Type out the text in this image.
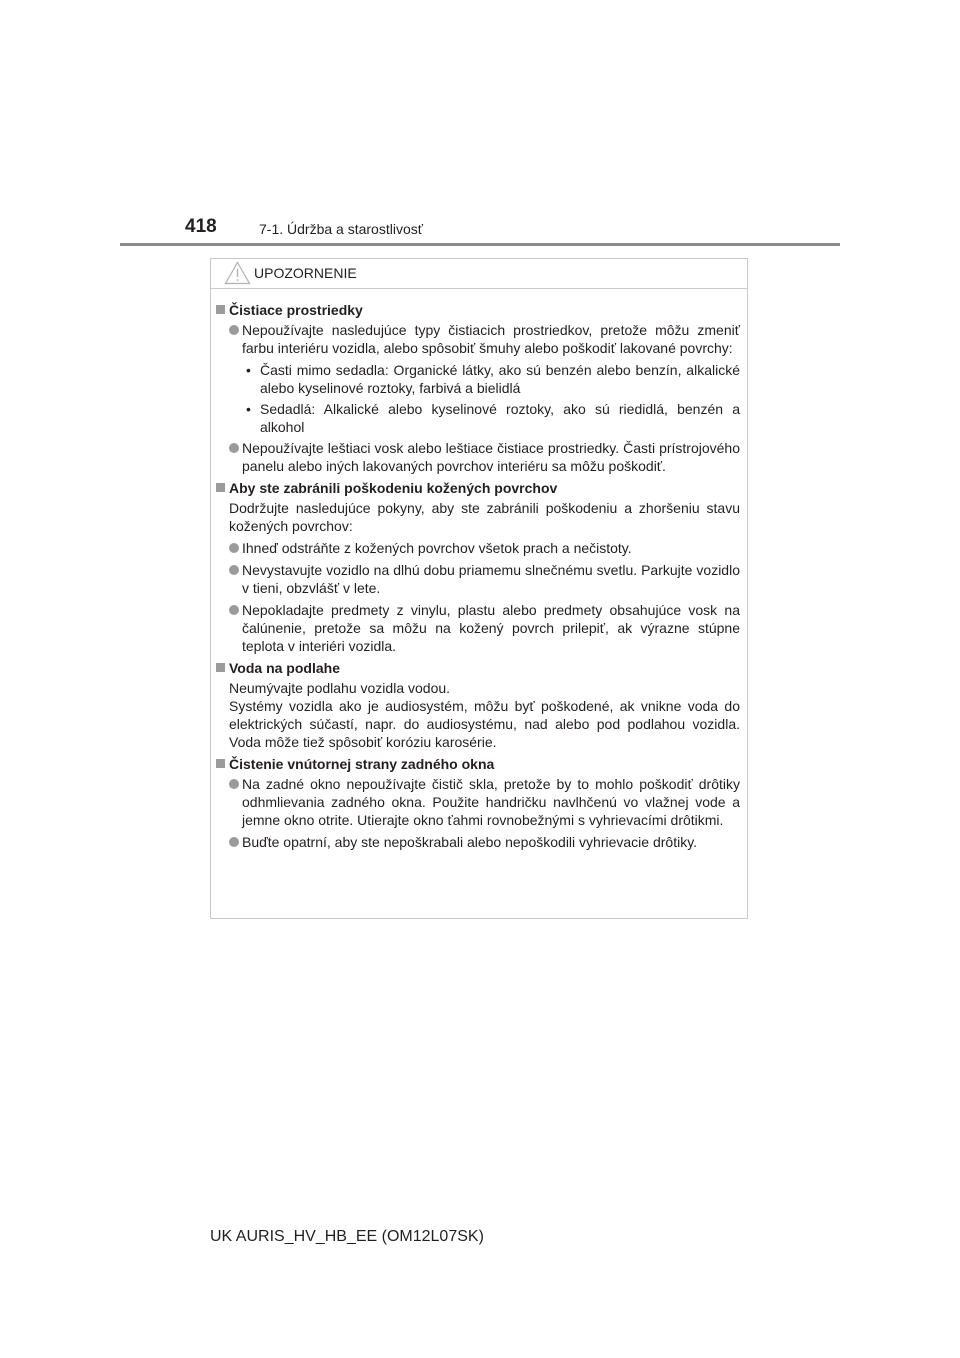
418	7-1. Údržba a starostlivosť
UPOZORNENIE
Čistiace prostriedky
Nepoužívajte nasledujúce typy čistiacich prostriedkov, pretože môžu zmeniť farbu interiéru vozidla, alebo spôsobiť šmuhy alebo poškodiť lakované povrchy:
• Časti mimo sedadla: Organické látky, ako sú benzén alebo benzín, alkalické alebo kyselinové roztoky, farbivá a bielidlá
• Sedadlá: Alkalické alebo kyselinové roztoky, ako sú riedidlá, benzén a alkohol
Nepoužívajte leštiaci vosk alebo leštiace čistiace prostriedky. Časti prístrojového panelu alebo iných lakovaných povrchov interiéru sa môžu poškodiť.
Aby ste zabránili poškodeniu kožených povrchov
Dodržujte nasledujúce pokyny, aby ste zabránili poškodeniu a zhoršeniu stavu kožených povrchov:
Ihneď odstráňte z kožených povrchov všetok prach a nečistoty.
Nevystavujte vozidlo na dlhú dobu priamemu slnečnému svetlu. Parkujte vozidlo v tieni, obzvlášť v lete.
Nepokladajte predmety z vinylu, plastu alebo predmety obsahujúce vosk na čalúnenie, pretože sa môžu na kožený povrch prilepiť, ak výrazne stúpne teplota v interiéri vozidla.
Voda na podlahe
Neumývajte podlahu vozidla vodou.
Systémy vozidla ako je audiosystém, môžu byť poškodené, ak vnikne voda do elektrických súčastí, napr. do audiosystému, nad alebo pod podlahou vozidla. Voda môže tiež spôsobiť koróziu karosérie.
Čistenie vnútornej strany zadného okna
Na zadné okno nepoužívajte čistič skla, pretože by to mohlo poškodiť drôtiky odhmlievania zadného okna. Použite handričku navlhčenú vo vlažnej vode a jemne okno otrite. Utierajte okno ťahmi rovnobežnými s vyhrievacími drôtikmi.
Buďte opatrní, aby ste nepoškrabali alebo nepoškodili vyhrievacie drôtiky.
UK AURIS_HV_HB_EE (OM12L07SK)
